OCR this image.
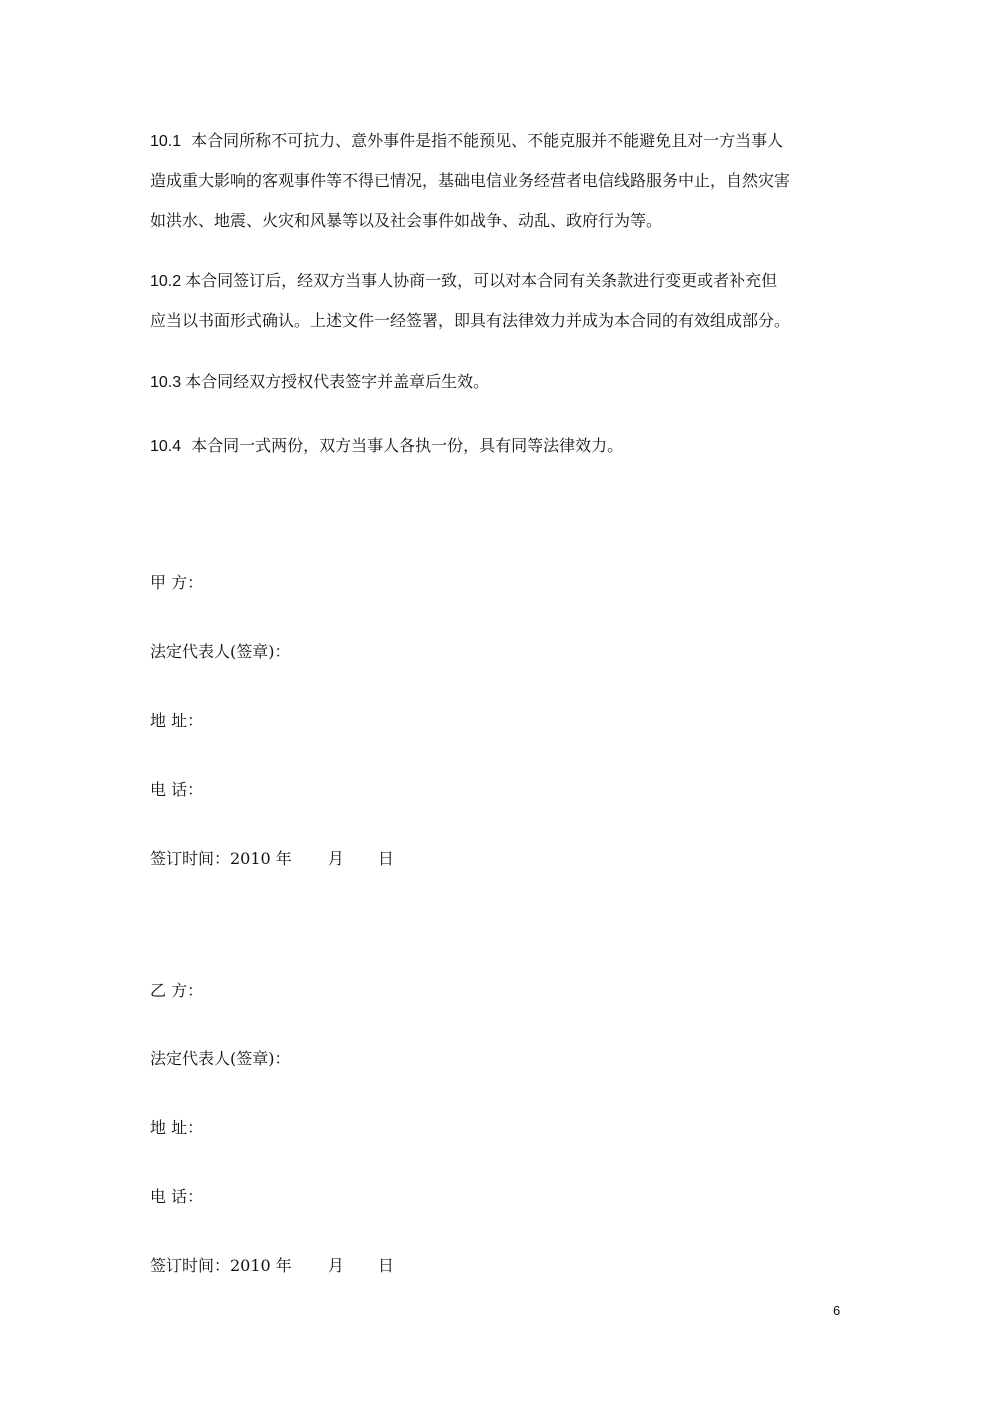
10.1 本合同所称不可抗力、意外事件是指不能预见、不能克服并不能避免且对一方当事人
造成重大影响的客观事件等不得已情况，基础电信业务经营者电信线路服务中止，自然灾害
如洪水、地震、火灾和风暴等以及社会事件如战争、动乱、政府行为等。
10.2 本合同签订后，经双方当事人协商一致，可以对本合同有关条款进行变更或者补充但
应当以书面形式确认。上述文件一经签署，即具有法律效力并成为本合同的有效组成部分。
10.3 本合同经双方授权代表签字并盖章后生效。
10.4 本合同一式两份，双方当事人各执一份，具有同等法律效力。
甲 方：
法定代表人(签章)：
地 址：
电 话：
签订时间：2010 年 月 日
乙 方：
法定代表人(签章)：
地 址：
电 话：
签订时间：2010 年 月 日
6
